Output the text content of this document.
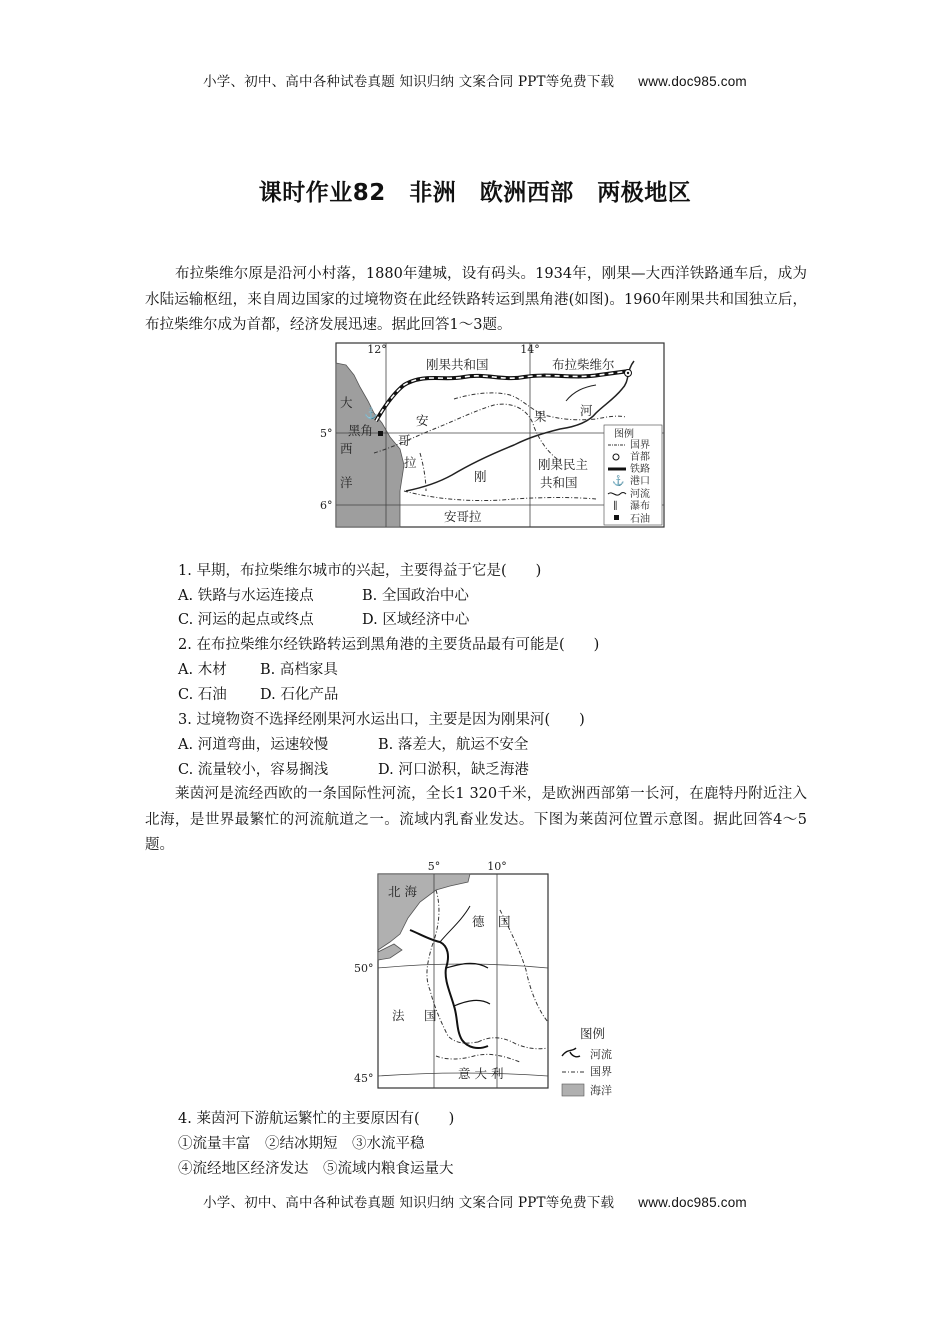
小学、初中、高中各种试卷真题 知识归纳 文案合同 PPT等免费下载 www.doc985.com
课时作业82　非洲　欧洲西部　两极地区

布拉柴维尔原是沿河小村落，1880年建城，设有码头。1934年，刚果—大西洋铁路通车后，成为水陆运输枢纽，来自周边国家的过境物资在此经铁路转运到黑角港(如图)。1960年刚果共和国独立后，布拉柴维尔成为首都，经济发展迅速。据此回答1～3题。

⚓
12°	14°
5°
6°
刚果共和国	布拉柴维尔
大
黑角
西
洋
安
哥
拉
刚
果	河
刚果民主
共和国
安哥拉
图例
国界
首都
铁路
⚓ 港口
河流
∥ 瀑布
石油
1. 早期，布拉柴维尔城市的兴起，主要得益于它是(　　)
A. 铁路与水运连接点	B. 全国政治中心
C. 河运的起点或终点	D. 区域经济中心
2. 在布拉柴维尔经铁路转运到黑角港的主要货品最有可能是(　　)
A. 木材 B. 高档家具
C. 石油 D. 石化产品
3. 过境物资不选择经刚果河水运出口，主要是因为刚果河(　　)
A. 河道弯曲，运速较慢	B. 落差大，航运不安全
C. 流量较小，容易搁浅	D. 河口淤积，缺乏海港

莱茵河是流经西欧的一条国际性河流，全长1 320千米，是欧洲西部第一长河，在鹿特丹附近注入北海，是世界最繁忙的河流航道之一。流域内乳畜业发达。下图为莱茵河位置示意图。据此回答4～5题。

5°	10°
50°
45°
北 海
德 国
法 国
意 大 利
图例
河流
国界
海洋
4. 莱茵河下游航运繁忙的主要原因有(　　)
①流量丰富　②结冰期短　③水流平稳
④流经地区经济发达　⑤流域内粮食运量大
小学、初中、高中各种试卷真题 知识归纳 文案合同 PPT等免费下载 www.doc985.com
